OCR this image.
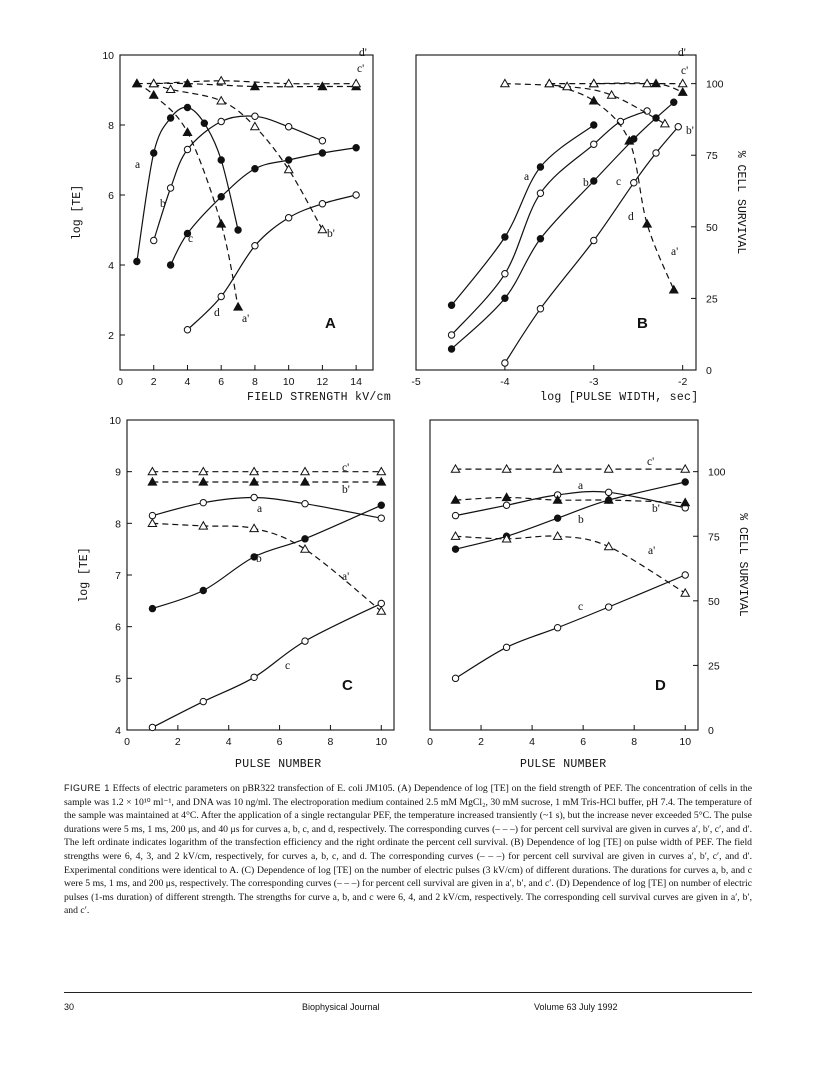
0	2	4	6	8 10 12 14
2
4
6
8
10
FIELD STRENGTH kV/cm
log [TE]
A
a
b
c
d a'
b'
c'
d'
-5	-4	-3	-2
0
25
50
75
100
log [PULSE WIDTH, sec]
% CELL SURVIVAL
B
a	b c
d
a'
b'
c'
d'
0	2	4	6	8	10
4
5
6
7
8
9
10
PULSE NUMBER
log [TE]
C
a
b
c
a'
b'
c'
0	2	4	6	8	10
0
25
50
75
100
PULSE NUMBER
% CELL SURVIVAL
D
a
b
c
a'
b'
c'

FIGURE 1 Effects of electric parameters on pBR322 transfection of E. coli JM105. (A) Dependence of log [TE] on the field strength of PEF. The concentration of cells in the sample was 1.2 × 10¹⁰ ml⁻¹, and DNA was 10 ng/ml. The electroporation medium contained 2.5 mM MgCl₂, 30 mM sucrose, 1 mM Tris-HCl buffer, pH 7.4. The temperature of the sample was maintained at 4°C. After the application of a single rectangular PEF, the temperature increased transiently (~1 s), but the increase never exceeded 5°C. The pulse durations were 5 ms, 1 ms, 200 μs, and 40 μs for curves a, b, c, and d, respectively. The corresponding curves (– – –) for percent cell survival are given in curves a′, b′, c′, and d′. The left ordinate indicates logarithm of the transfection efficiency and the right ordinate the percent cell survival. (B) Dependence of log [TE] on pulse width of PEF. The field strengths were 6, 4, 3, and 2 kV/cm, respectively, for curves a, b, c, and d. The corresponding curves (– – –) for percent cell survival are given in curves a′, b′, c′, and d′. Experimental conditions were identical to A. (C) Dependence of log [TE] on the number of electric pulses (3 kV/cm) of different durations. The durations for curves a, b, and c were 5 ms, 1 ms, and 200 μs, respectively. The corresponding curves (– – –) for percent cell survival are given in a′, b′, and c′. (D) Dependence of log [TE] on number of electric pulses (1-ms duration) of different strength. The strengths for curve a, b, and c were 6, 4, and 2 kV/cm, respectively. The corresponding cell survival curves are given in a′, b′, and c′.

30	Biophysical Journal	Volume 63 July 1992
